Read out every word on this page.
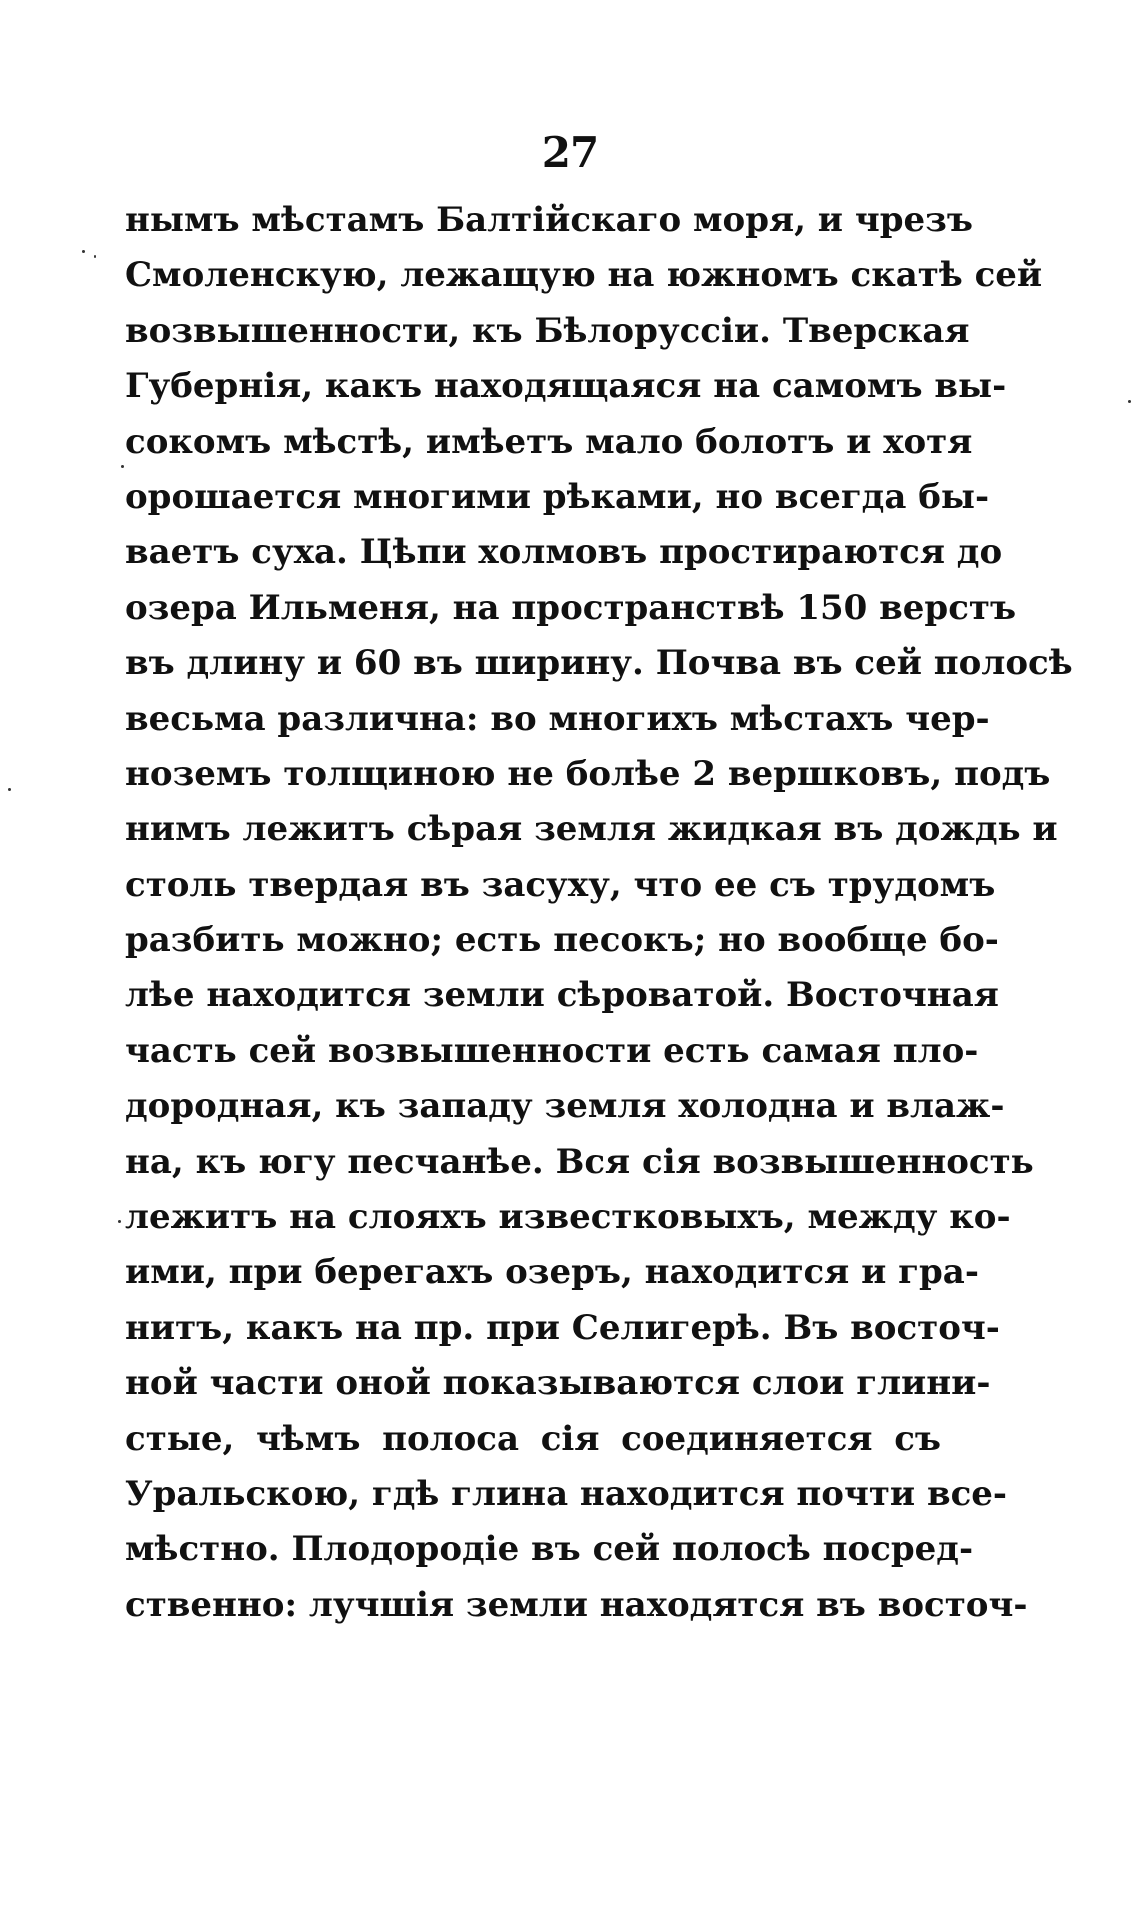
27
нымъ мѣстамъ Балтійскаго моря, и чрезъ
Смоленскую, лежащую на южномъ скатѣ сей
возвышенности, къ Бѣлоруссіи. Тверская
Губернія, какъ находящаяся на самомъ вы-
сокомъ мѣстѣ, имѣетъ мало болотъ и хотя
орошается многими рѣками, но всегда бы-
ваетъ суха. Цѣпи холмовъ простираются до
озера Ильменя, на пространствѣ 150 верстъ
въ длину и 60 въ ширину. Почва въ сей полосѣ
весьма различна: во многихъ мѣстахъ чер-
ноземъ толщиною не болѣе 2 вершковъ, подъ
нимъ лежитъ сѣрая земля жидкая въ дождь и
столь твердая въ засуху, что ее съ трудомъ
разбить можно; есть песокъ; но вообще бо-
лѣе находится земли сѣроватой. Восточная
часть сей возвышенности есть самая пло-
дородная, къ западу земля холодна и влаж-
на, къ югу песчанѣе. Вся сія возвышенность
лежитъ на слояхъ известковыхъ, между ко-
ими, при берегахъ озеръ, находится и гра-
нитъ, какъ на пр. при Селигерѣ. Въ восточ-
ной части оной показываются слои глини-
стые, чѣмъ полоса сія соединяется съ
Уральскою, гдѣ глина находится почти все-
мѣстно. Плодородіе въ сей полосѣ посред-
ственно: лучшія земли находятся въ восточ-
